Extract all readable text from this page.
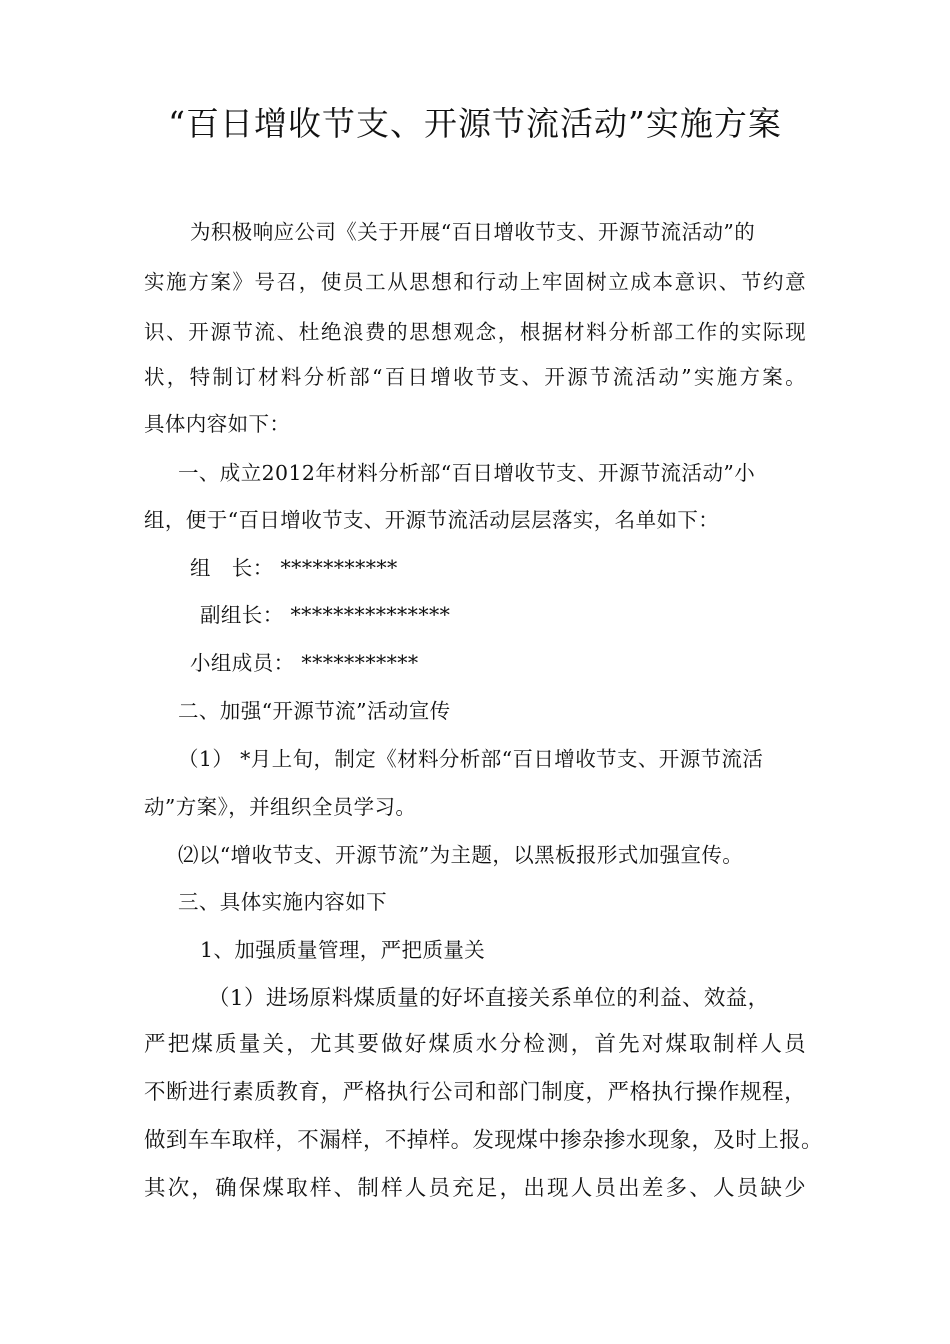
“百日增收节支、开源节流活动”实施方案
为积极响应公司《关于开展“百日增收节支、开源节流活动”的
实施方案》号召，使员工从思想和行动上牢固树立成本意识、节约意
识、开源节流、杜绝浪费的思想观念，根据材料分析部工作的实际现
状，特制订材料分析部“百日增收节支、开源节流活动”实施方案。
具体内容如下：
一、成立2012年材料分析部“百日增收节支、开源节流活动”小
组，便于“百日增收节支、开源节流活动层层落实，名单如下：
组　长： ***********
副组长： ***************
小组成员： ***********
二、加强“开源节流”活动宣传
（1） *月上旬，制定《材料分析部“百日增收节支、开源节流活
动”方案》，并组织全员学习。
⑵以“增收节支、开源节流”为主题，以黑板报形式加强宣传。
三、具体实施内容如下
1、加强质量管理，严把质量关
（1）进场原料煤质量的好坏直接关系单位的利益、效益，
严把煤质量关，尤其要做好煤质水分检测，首先对煤取制样人员
不断进行素质教育，严格执行公司和部门制度，严格执行操作规程，
做到车车取样，不漏样，不掉样。发现煤中掺杂掺水现象，及时上报。
其次，确保煤取样、制样人员充足，出现人员出差多、人员缺少
